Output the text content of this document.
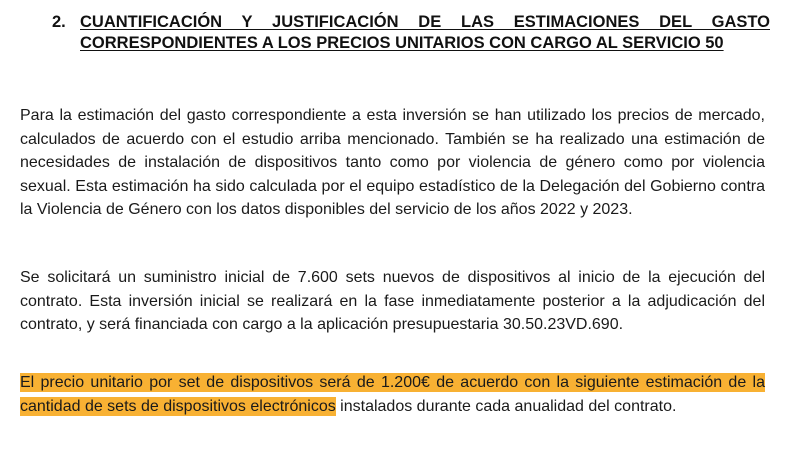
2. CUANTIFICACIÓN Y JUSTIFICACIÓN DE LAS ESTIMACIONES DEL GASTO CORRESPONDIENTES A LOS PRECIOS UNITARIOS CON CARGO AL SERVICIO 50

Para la estimación del gasto correspondiente a esta inversión se han utilizado los precios de mercado, calculados de acuerdo con el estudio arriba mencionado. También se ha realizado una estimación de necesidades de instalación de dispositivos tanto como por violencia de género como por violencia sexual. Esta estimación ha sido calculada por el equipo estadístico de la Delegación del Gobierno contra la Violencia de Género con los datos disponibles del servicio de los años 2022 y 2023.

Se solicitará un suministro inicial de 7.600 sets nuevos de dispositivos al inicio de la ejecución del contrato. Esta inversión inicial se realizará en la fase inmediatamente posterior a la adjudicación del contrato, y será financiada con cargo a la aplicación presupuestaria 30.50.23VD.690.

El precio unitario por set de dispositivos será de 1.200€ de acuerdo con la siguiente estimación de la cantidad de sets de dispositivos electrónicos instalados durante cada anualidad del contrato.
